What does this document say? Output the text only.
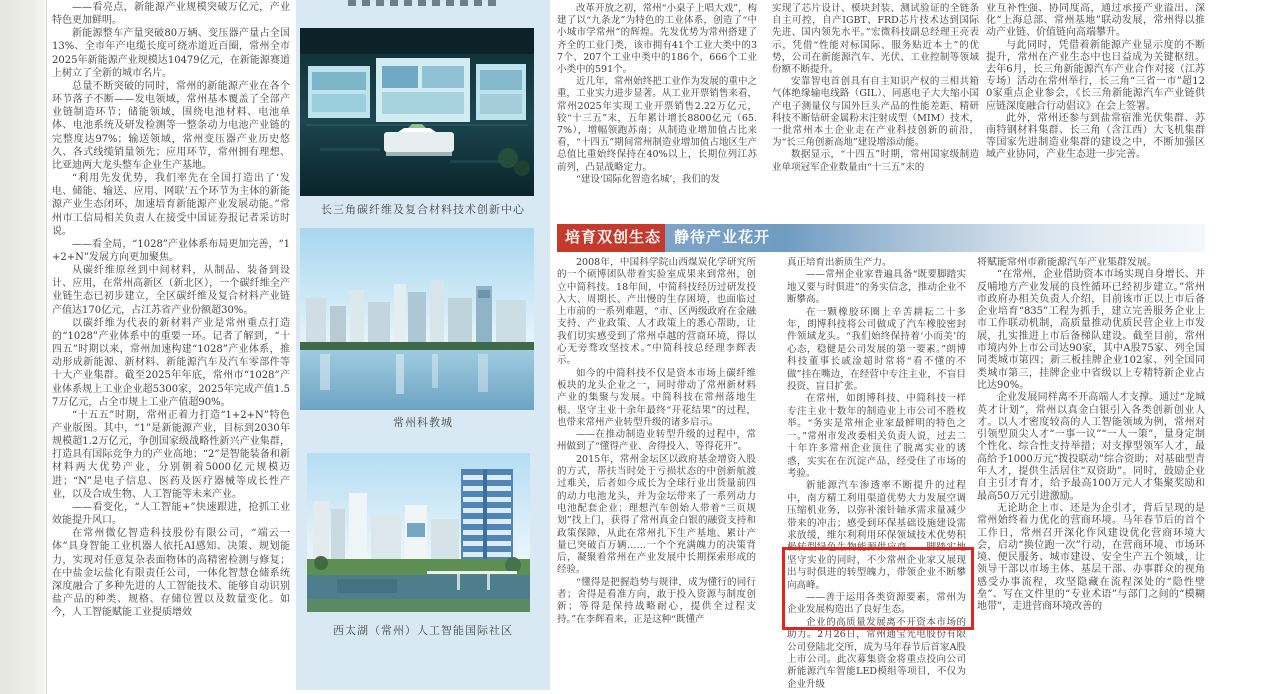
——看亮点，新能源产业规模突破万亿元，产业特色更加鲜明。

新能源整车产量突破80万辆、变压器产量占全国13%、全市年产电缆长度可绕赤道近百圈，常州全市2025年新能源产业规模达10479亿元，在新能源赛道上树立了全新的城市名片。

总量不断突破的同时，常州的新能源产业在各个环节落子不断——发电领域，常州基本覆盖了全部产业链制造环节；储能领域，围绕电池材料、电池单体、电池系统及研发检测等一整条动力电池产业链的完整度达97%；输送领域，常州变压器产业历史悠久、各式线缆销量领先；应用环节，常州拥有理想、比亚迪两大龙头整车企业生产基地。

“利用先发优势，我们率先在全国打造出了‘发电、储能、输送、应用、网联’五个环节为主体的新能源产业生态闭环，加速培育新能源产业发展动能。”常州市工信局相关负责人在接受中国证券报记者采访时说。

——看全局，“1028”产业体系布局更加完善，“1+2+N”发展方向更加聚焦。

从碳纤维原丝到中间材料，从制品、装备到设计、应用，在常州高新区（新北区），一个碳纤维全产业链生态已初步建立，全区碳纤维及复合材料产业链产值达170亿元，占江苏省产业份额超30%。

以碳纤维为代表的新材料产业是常州重点打造的“1028”产业体系中的重要一环。记者了解到，“十四五”时期以来，常州加速构建“1028”产业体系，推动形成新能源、新材料、新能源汽车及汽车零部件等十大产业集群。截至2025年年底，常州市“1028”产业体系规上工业企业超5300家，2025年完成产值1.57万亿元，占全市规上工业产值超90%。

“十五五”时期，常州正着力打造“1+2+N”特色产业版图。其中，“1”是新能源产业，目标到2030年规模超1.2万亿元，争创国家级战略性新兴产业集群，打造具有国际竞争力的产业高地；“2”是智能装备和新材料两大优势产业，分别朝着5000亿元规模迈进；“N”是电子信息、医药及医疗器械等成长性产业，以及合成生物、人工智能等未来产业。

——看变化，“人工智能+”快速跟进，抢抓工业效能提升风口。

在常州微亿智造科技股份有限公司，“端云一体”具身智能工业机器人依托AI感知、决策、规划能力，实现对任意复杂表面物体的高精密检测与修复；在中盐金坛盐化有限责任公司，一体化智慧仓储系统深度融合了多种先进的人工智能技术、能够自动识别盐产品的种类、规格、存储位置以及数量变化。如今，人工智能赋能工业提质增效

长三角碳纤维及复合材料技术创新中心
常州科教城
西太湖（常州）人工智能国际社区

改革开放之初，常州“小桌子上唱大戏”，构建了以“九条龙”为特色的工业体系，创造了“中小城市学常州”的辉煌。先发优势为常州搭建了齐全的工业门类，该市拥有41个工业大类中的37个、207个工业中类中的186个、666个工业小类中的591个。

近几年，常州始终把工业作为发展的重中之重，工业实力进步显著。从工业开票销售来看，常州2025年实现工业开票销售2.22万亿元，较“十三五”末，五年累计增长8800亿元（65.7%），增幅领跑苏南；从制造业增加值占比来看，“十四五”期间常州制造业增加值占地区生产总值比重始终保持在40%以上，长期位列江苏前列，凸显战略定力。

“建设‘国际化智造名城’，我们的发

实现了芯片设计、模块封装、测试验证的全链条自主可控，自产IGBT、FRD芯片技术达到国际先进、国内领先水平。”宏微科技副总经理王亮表示，凭借“性能对标国际、服务贴近本土”的优势，公司在新能源汽车、光伏、工业控制等领域份额不断提升。

安靠智电首创具有自主知识产权的三相共箱气体绝缘输电线路（GIL）、同惠电子大大缩小国产电子测量仪与国外巨头产品的性能差距、精研科技不断钻研金属粉末注射成型（MIM）技术，一批常州本土企业走在产业科技创新的前沿，为“长三角创新高地”建设增添动能。

数据显示，“十四五”时期，常州国家级制造业单项冠军企业数量由“十三五”末的

业互补性强、协同度高，通过承接产业溢出、深化“上海总部、常州基地”联动发展，常州得以推动产业链、价值链向高端攀升。

与此同时，凭借着新能源产业显示度的不断提升，常州在产业生态中也日益成为关键枢纽。去年6月，长三角新能源汽车产业合作对接（江苏专场）活动在常州举行，长三角“三省一市”超120家重点企业参会，《长三角新能源汽车产业链供应链深度融合行动倡议》在会上签署。

此外，常州还参与到盐常宿淮光伏集群、苏南特钢材料集群、长三角（含江西）大飞机集群等国家先进制造业集群的建设之中，不断加强区域产业协同，产业生态进一步完善。

培育双创生态 静待产业花开

2008年，中国科学院山西煤炭化学研究所的一个硕博团队带着实验室成果来到常州，创立中简科技。18年间，中简科技经历过研发投入大、周期长、产出慢的生存困境，也面临过上市前的一系列难题，“市、区两级政府在金融支持、产业政策、人才政策上的悉心帮助，让我们切实感受到了常州卓越的营商环境，得以心无旁骛攻坚技术。”中简科技总经理李辉表示。

如今的中简科技不仅是资本市场上碳纤维板块的龙头企业之一，同时带动了常州新材料产业的集聚与发展。中简科技在常州落地生根、坚守主业十余年最终“开花结果”的过程，也带来常州产业转型升级的诸多启示。

——在推动制造业转型升级的过程中，常州做到了“懂得产业、舍得投入、等得花开”。

2015年，常州金坛区以政府基金增资入股的方式，帮扶当时处于亏损状态的中创新航渡过难关，后者如今成长为全球行业出货量前四的动力电池龙头，并为金坛带来了一系列动力电池配套企业；理想汽车创始人带着“三页规划”找上门，获得了常州真金白银的融资支持和政策保障，从此在常州扎下生产基地、累计产量已突破百万辆……一个个充满魄力的决策背后，凝聚着常州在产业发展中长期探索形成的经验。

“懂得是把握趋势与规律，成为懂行的同行者；舍得是看准方向，敢于投入资源与制度创新；等得是保持战略耐心，提供全过程支持。”在李辉看来，正是这种“既懂产

真正培育出新质生产力。

——常州企业家普遍具备“既要脚踏实地又要与时俱进”的务实信念，推动企业不断攀高。

在一颗橡胶环圈上辛苦耕耘二十多年，朗博科技将公司做成了汽车橡胶密封件领域龙头。“我们始终保持着‘小而美’的心态，稳健是公司发展的第一要素。”朗博科技董事长戚淦超时常将“看不懂的不做”挂在嘴边，在经营中专注主业，不盲目投资、盲目扩张。

在常州，如朗博科技、中简科技一样专注主业十数年的制造业上市公司不胜枚举。“务实是常州企业家最鲜明的特色之一。”常州市发改委相关负责人说，过去二十年许多常州企业顶住了脱离实业的诱惑，实实在在沉淀产品，经受住了市场的考验。

新能源汽车渗透率不断提升的过程中，南方精工利用渠道优势大力发展空调压缩机业务，以弥补滚针轴承需求量减少带来的冲击；感受到环保基础设施建设需求放缓，维尔利利用环保领域技术优势积极转型绿色生物能源供应商……脚踏实地坚守实业的同时，不少常州企业家又展现出与时俱进的转型魄力，带领企业不断攀向高峰。

——善于运用各类资源要素，常州为企业发展构造出了良好生态。

企业的高质量发展离不开资本市场的助力。2月26日，常州通宝光电股份有限公司登陆北交所，成为马年春节后首家A股上市公司。此次募集资金将重点投向公司新能源汽车智能LED模组等项目，不仅为企业升级

将赋能常州市新能源汽车产业集群发展。

“在常州，企业借助资本市场实现自身增长、并反哺地方产业发展的良性循环已经初步建立。”常州市政府办相关负责人介绍，目前该市正以上市后备企业培育“835”工程为抓手，建立完善服务企业上市工作联动机制，高质量推动优质民营企业上市发展，扎实推进上市后备梯队建设。截至目前，常州市境内外上市公司达90家，其中A股75家、列全国同类城市第四；新三板挂牌企业102家、列全国同类城市第三，挂牌企业中省级以上专精特新企业占比达90%。

企业发展同样离不开高端人才支撑。通过“龙城英才计划”，常州以真金白银引入各类创新创业人才。以人才密度较高的人工智能领域为例，常州对引领型顶尖人才“一事一议”“一人一策”，量身定制个性化、综合性支持举措；对支撑型领军人才，最高给予1000万元“拨投联动”综合资助；对基础型青年人才，提供生活居住“双资助”。同时，鼓励企业自主引才育才，给予最高100万元人才集聚奖励和最高50万元引进激励。

无论助企上市、还是为企引才，背后呈现的是常州始终着力优化的营商环境。马年春节后的首个工作日，常州召开深化作风建设优化营商环境大会，启动“换位跑一次”行动，在营商环境、市场环境、便民服务、城市建设、安全生产五个领域，让领导干部以市场主体、基层干部、办事群众的视角感受办事流程，攻坚隐藏在流程深处的“隐性壁垒”、写在文件里的“专业术语”与部门之间的“模糊地带”，走进营商环境改善的
